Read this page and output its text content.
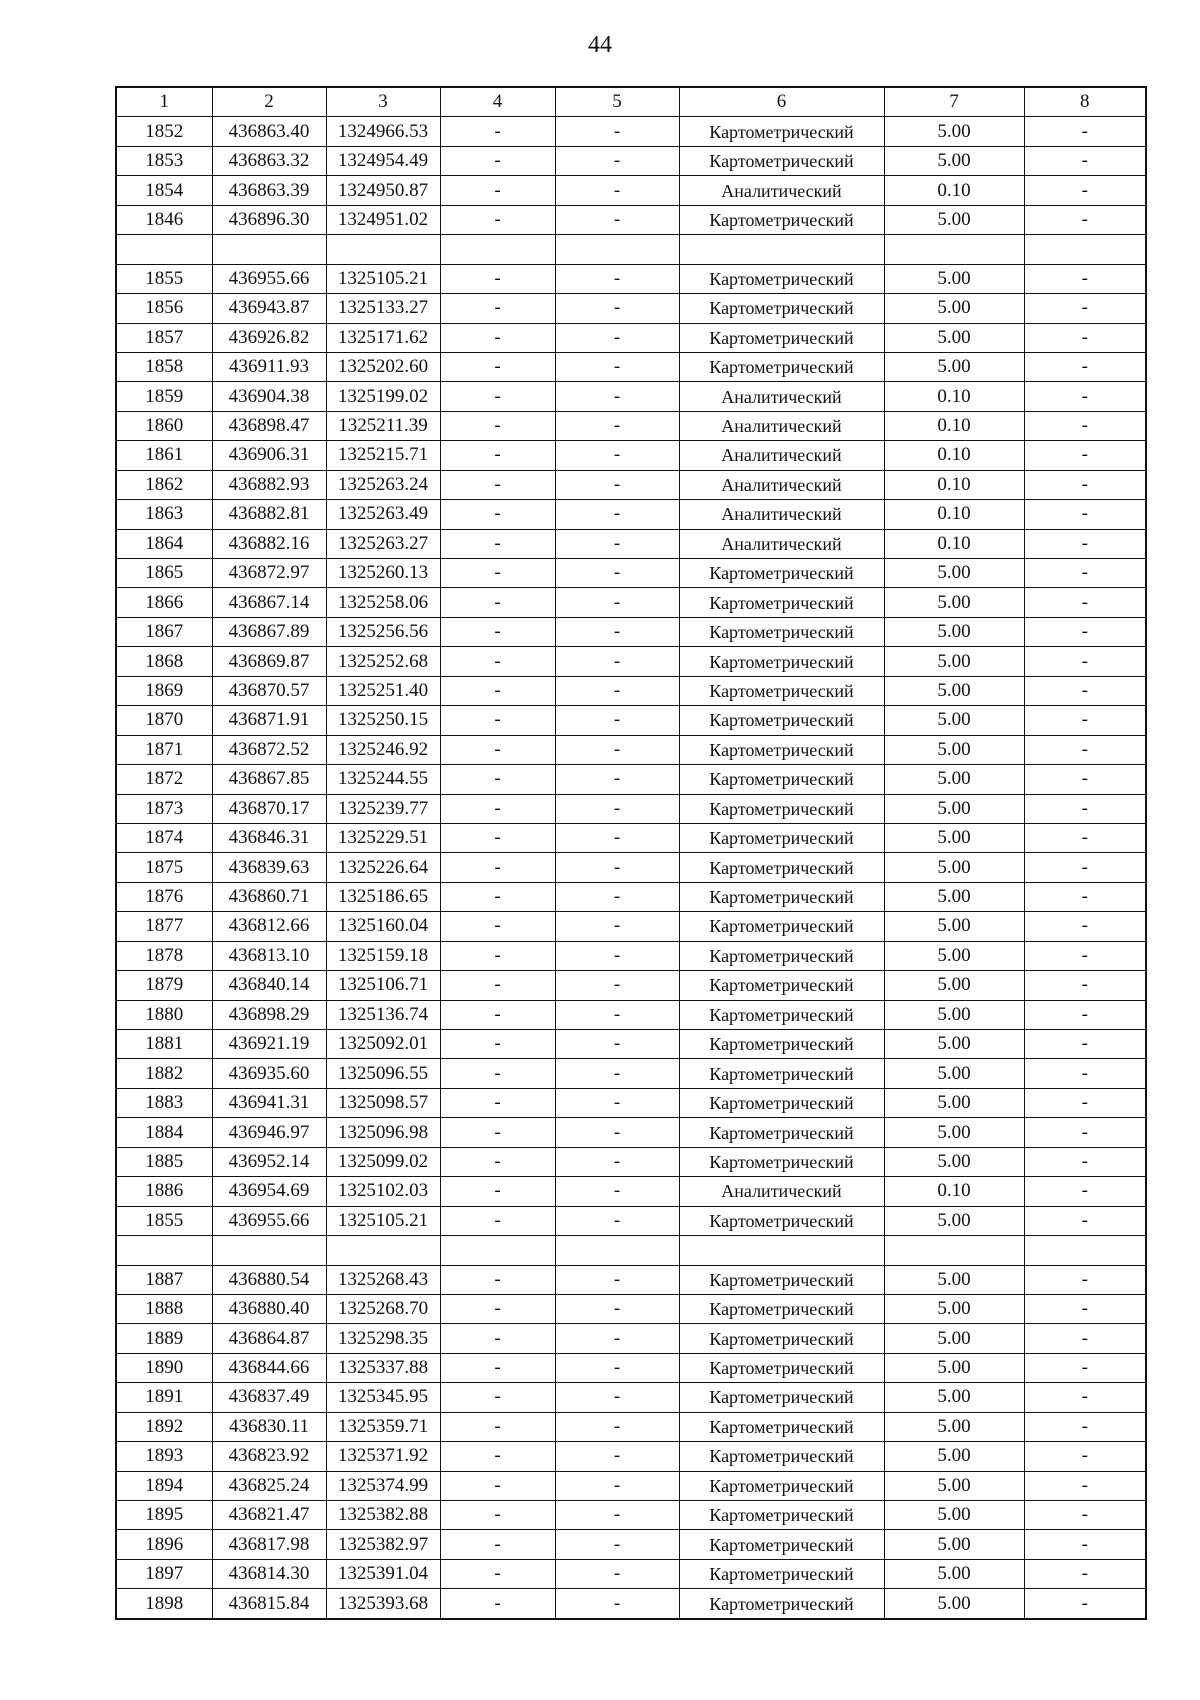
44
1	2	3	4	5	6	7	8
1852	436863.40	1324966.53	-	-	Картометрический	5.00	-
1853	436863.32	1324954.49	-	-	Картометрический	5.00	-
1854	436863.39	1324950.87	-	-	Аналитический	0.10	-
1846	436896.30	1324951.02	-	-	Картометрический	5.00	-

1855	436955.66	1325105.21	-	-	Картометрический	5.00	-
1856	436943.87	1325133.27	-	-	Картометрический	5.00	-
1857	436926.82	1325171.62	-	-	Картометрический	5.00	-
1858	436911.93	1325202.60	-	-	Картометрический	5.00	-
1859	436904.38	1325199.02	-	-	Аналитический	0.10	-
1860	436898.47	1325211.39	-	-	Аналитический	0.10	-
1861	436906.31	1325215.71	-	-	Аналитический	0.10	-
1862	436882.93	1325263.24	-	-	Аналитический	0.10	-
1863	436882.81	1325263.49	-	-	Аналитический	0.10	-
1864	436882.16	1325263.27	-	-	Аналитический	0.10	-
1865	436872.97	1325260.13	-	-	Картометрический	5.00	-
1866	436867.14	1325258.06	-	-	Картометрический	5.00	-
1867	436867.89	1325256.56	-	-	Картометрический	5.00	-
1868	436869.87	1325252.68	-	-	Картометрический	5.00	-
1869	436870.57	1325251.40	-	-	Картометрический	5.00	-
1870	436871.91	1325250.15	-	-	Картометрический	5.00	-
1871	436872.52	1325246.92	-	-	Картометрический	5.00	-
1872	436867.85	1325244.55	-	-	Картометрический	5.00	-
1873	436870.17	1325239.77	-	-	Картометрический	5.00	-
1874	436846.31	1325229.51	-	-	Картометрический	5.00	-
1875	436839.63	1325226.64	-	-	Картометрический	5.00	-
1876	436860.71	1325186.65	-	-	Картометрический	5.00	-
1877	436812.66	1325160.04	-	-	Картометрический	5.00	-
1878	436813.10	1325159.18	-	-	Картометрический	5.00	-
1879	436840.14	1325106.71	-	-	Картометрический	5.00	-
1880	436898.29	1325136.74	-	-	Картометрический	5.00	-
1881	436921.19	1325092.01	-	-	Картометрический	5.00	-
1882	436935.60	1325096.55	-	-	Картометрический	5.00	-
1883	436941.31	1325098.57	-	-	Картометрический	5.00	-
1884	436946.97	1325096.98	-	-	Картометрический	5.00	-
1885	436952.14	1325099.02	-	-	Картометрический	5.00	-
1886	436954.69	1325102.03	-	-	Аналитический	0.10	-
1855	436955.66	1325105.21	-	-	Картометрический	5.00	-

1887	436880.54	1325268.43	-	-	Картометрический	5.00	-
1888	436880.40	1325268.70	-	-	Картометрический	5.00	-
1889	436864.87	1325298.35	-	-	Картометрический	5.00	-
1890	436844.66	1325337.88	-	-	Картометрический	5.00	-
1891	436837.49	1325345.95	-	-	Картометрический	5.00	-
1892	436830.11	1325359.71	-	-	Картометрический	5.00	-
1893	436823.92	1325371.92	-	-	Картометрический	5.00	-
1894	436825.24	1325374.99	-	-	Картометрический	5.00	-
1895	436821.47	1325382.88	-	-	Картометрический	5.00	-
1896	436817.98	1325382.97	-	-	Картометрический	5.00	-
1897	436814.30	1325391.04	-	-	Картометрический	5.00	-
1898	436815.84	1325393.68	-	-	Картометрический	5.00	-
